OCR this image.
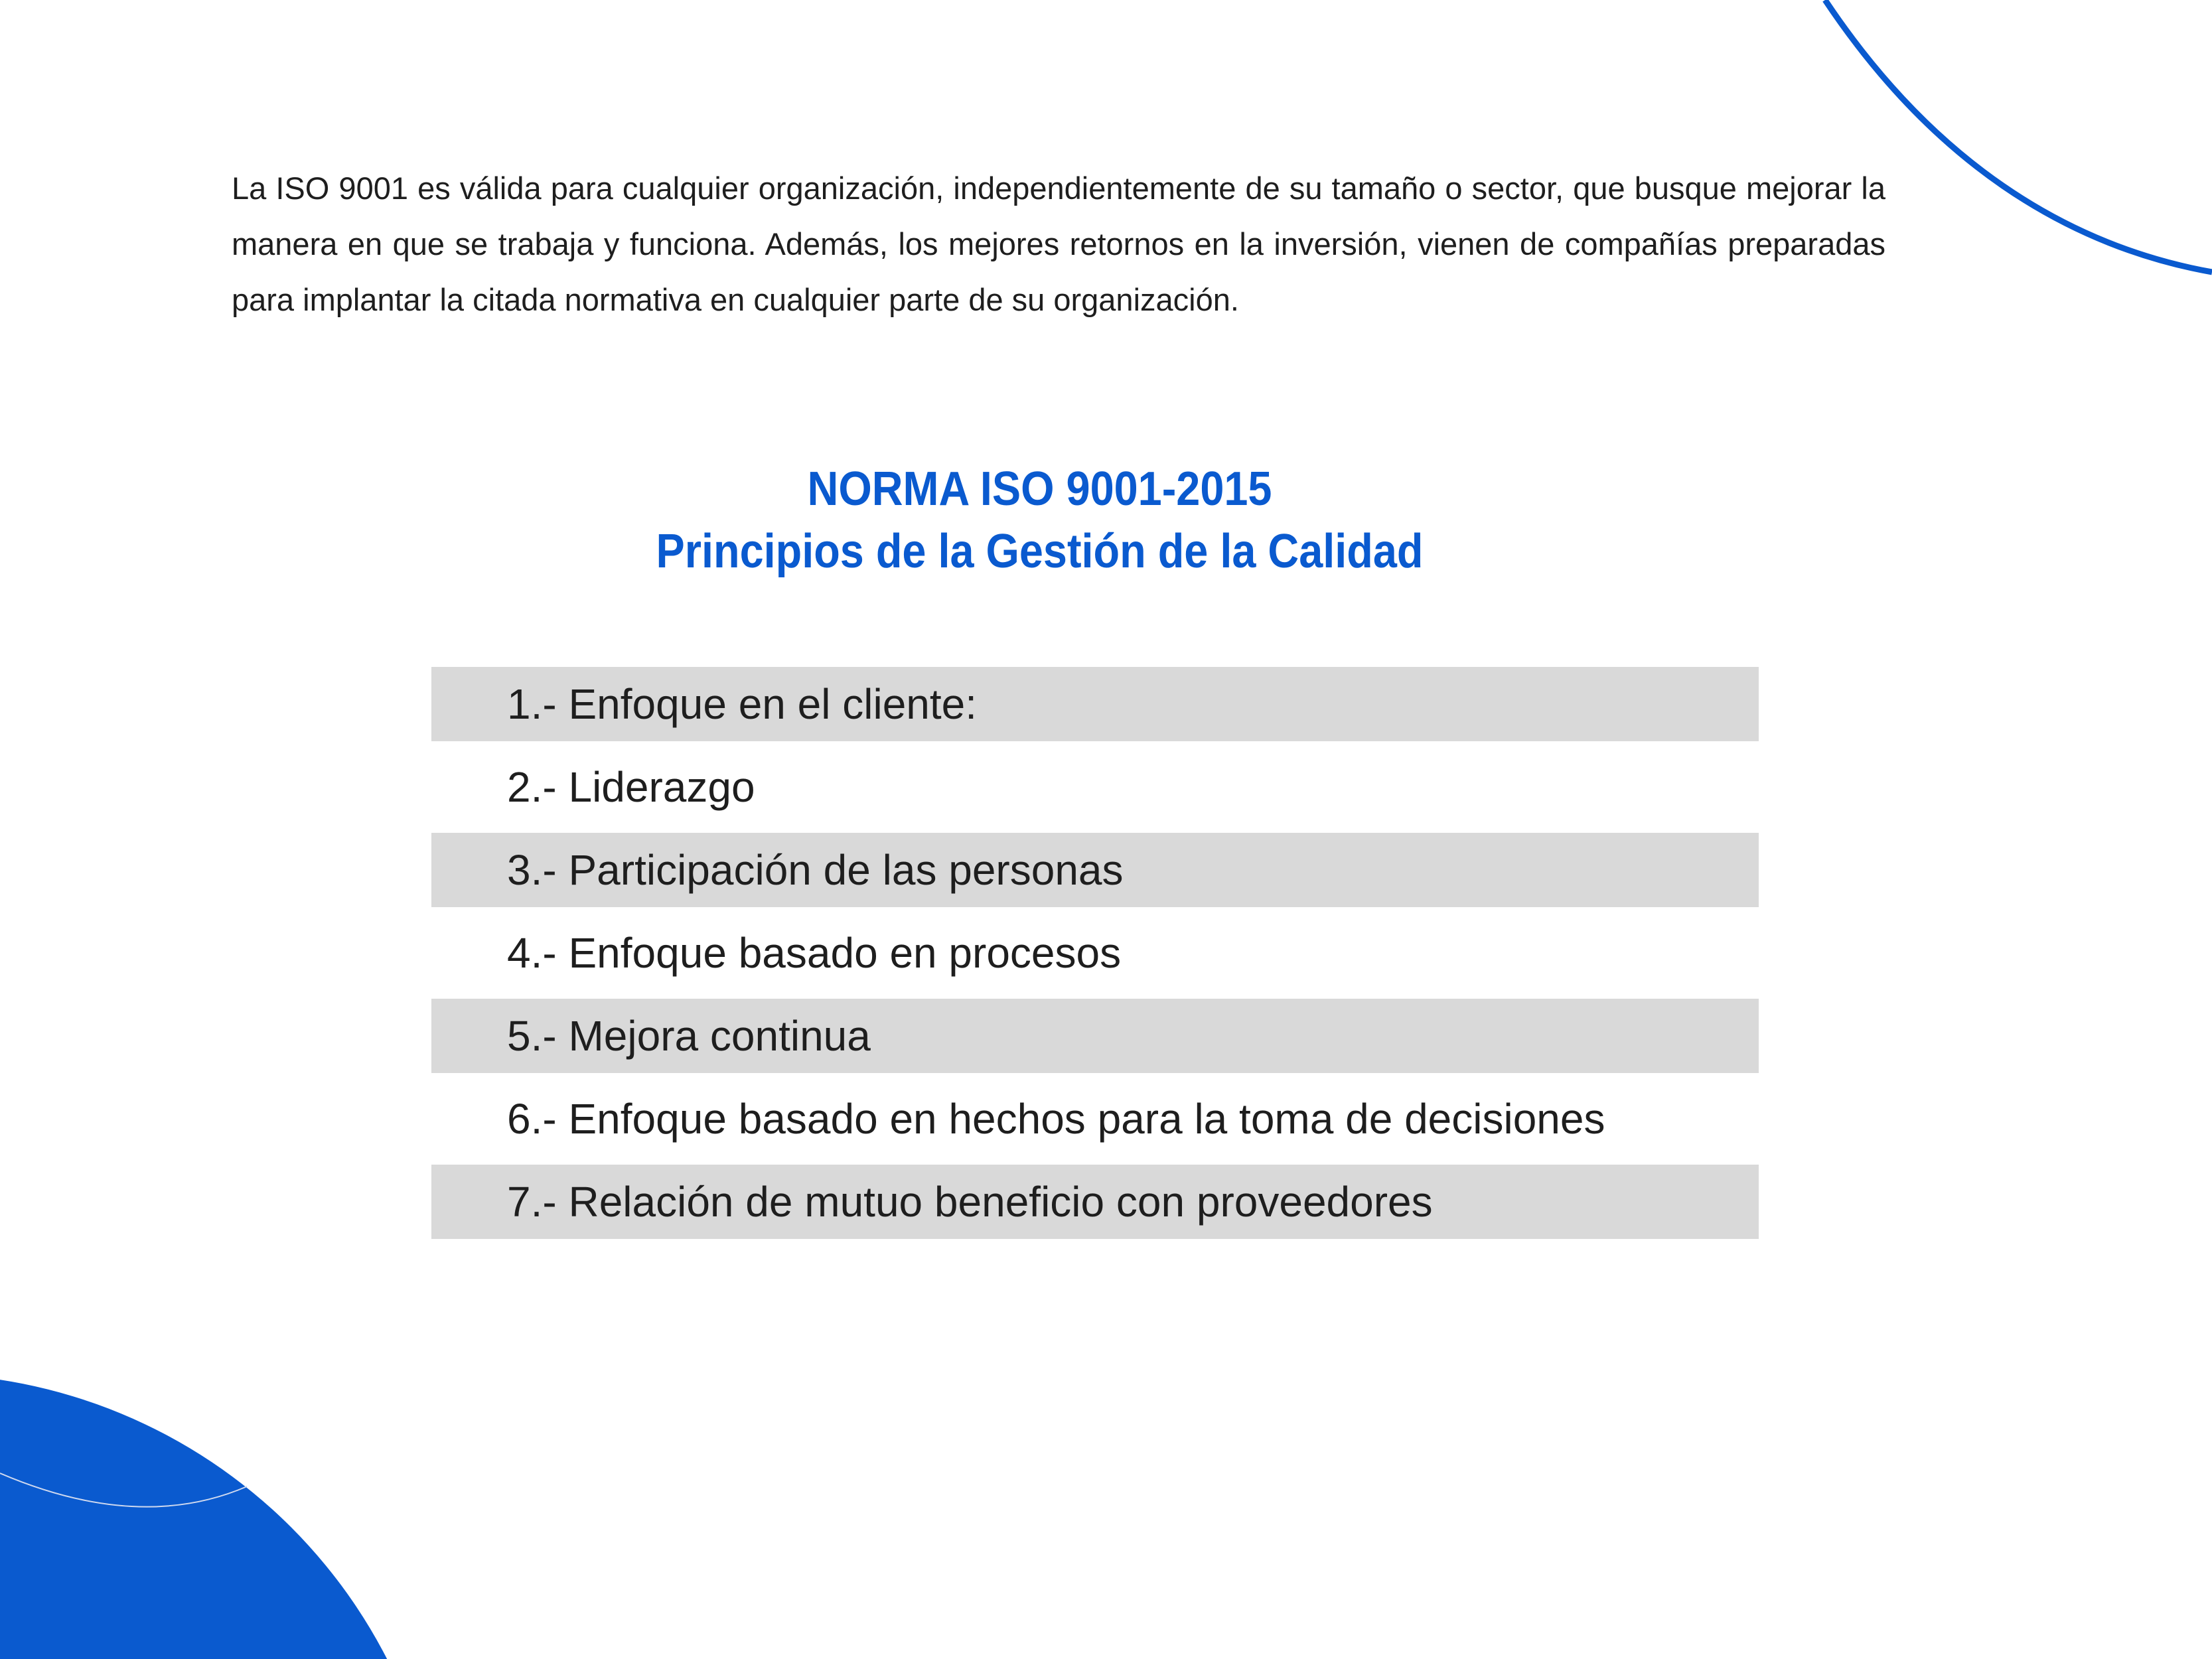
La ISO 9001 es válida para cualquier organización, independientemente de su tamaño o sector, que busque mejorar la manera en que se trabaja y funciona. Además, los mejores retornos en la inversión, vienen de compañías preparadas para implantar la citada normativa en cualquier parte de su organización.

NORMA ISO 9001-2015
Principios de la Gestión de la Calidad
1.- Enfoque en el cliente:
2.- Liderazgo
3.- Participación de las personas
4.- Enfoque basado en procesos
5.- Mejora continua
6.- Enfoque basado en hechos para la toma de decisiones
7.- Relación de mutuo beneficio con proveedores
